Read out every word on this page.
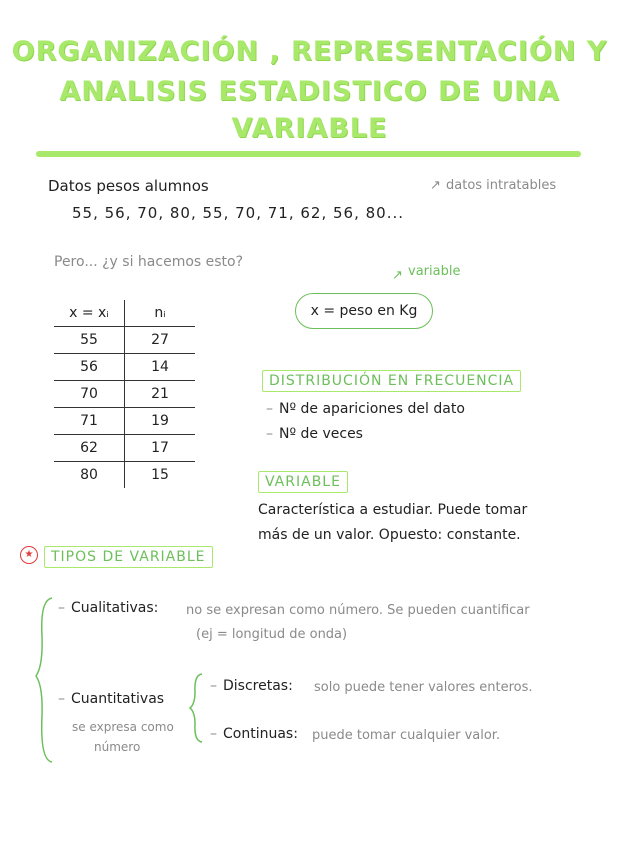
ORGANIZACIÓN , REPRESENTACIÓN Y
ANALISIS ESTADISTICO DE UNA
VARIABLE
Datos pesos alumnos
55, 56, 70, 80, 55, 70, 71, 62, 56, 80...
↗ datos intratables
Pero... ¿y si hacemos esto?
x = xᵢ	nᵢ
55	27
56	14
70	21
71	19
62	17
80	15
↗ variable
x = peso en Kg
DISTRIBUCIÓN EN FRECUENCIA
– Nº de apariciones del dato
– Nº de veces
VARIABLE
Característica a estudiar. Puede tomar
más de un valor. Opuesto: constante.
★	TIPOS DE VARIABLE
– Cualitativas: no se expresan como número. Se pueden cuantificar
(ej = longitud de onda)
– Cuantitativas
se expresa como
número
– Discretas: solo puede tener valores enteros.
– Continuas: puede tomar cualquier valor.
